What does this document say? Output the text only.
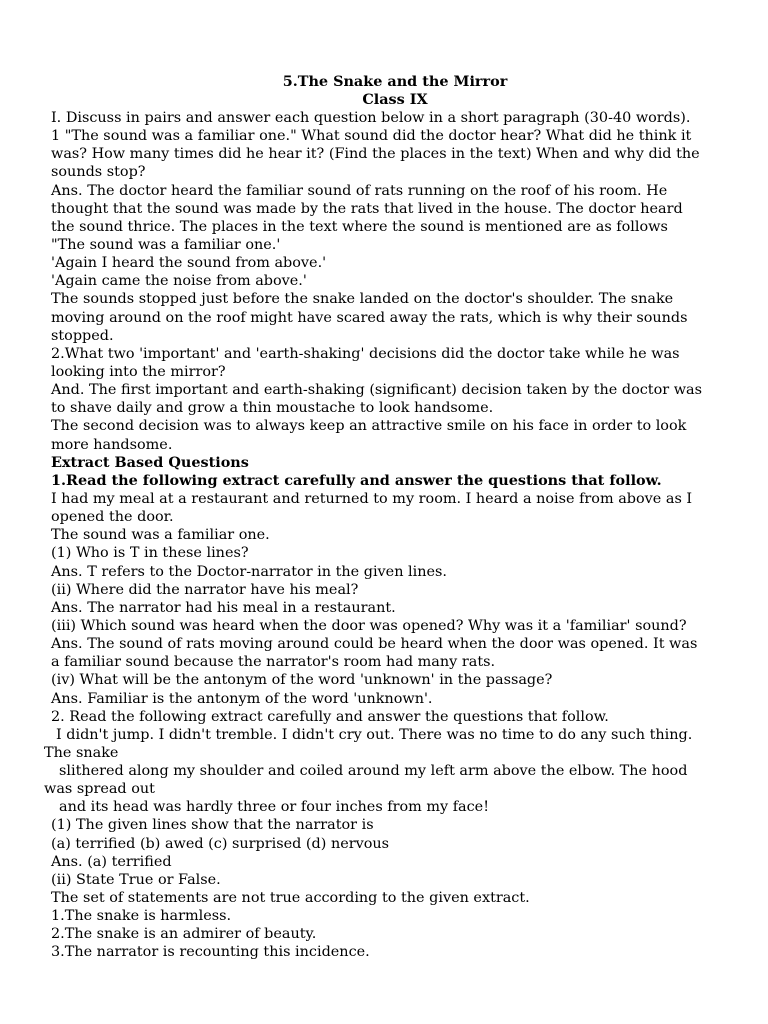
5.The Snake and the Mirror
Class IX
I. Discuss in pairs and answer each question below in a short paragraph (30-40 words).
1 "The sound was a familiar one." What sound did the doctor hear? What did he think it
was? How many times did he hear it? (Find the places in the text) When and why did the
sounds stop?
Ans. The doctor heard the familiar sound of rats running on the roof of his room. He
thought that the sound was made by the rats that lived in the house. The doctor heard
the sound thrice. The places in the text where the sound is mentioned are as follows
"The sound was a familiar one.'
'Again I heard the sound from above.'
'Again came the noise from above.'
The sounds stopped just before the snake landed on the doctor's shoulder. The snake
moving around on the roof might have scared away the rats, which is why their sounds
stopped.
2.What two 'important' and 'earth-shaking' decisions did the doctor take while he was
looking into the mirror?
And. The first important and earth-shaking (significant) decision taken by the doctor was
to shave daily and grow a thin moustache to look handsome.
The second decision was to always keep an attractive smile on his face in order to look
more handsome.
Extract Based Questions
1.Read the following extract carefully and answer the questions that follow.
I had my meal at a restaurant and returned to my room. I heard a noise from above as I
opened the door.
The sound was a familiar one.
(1) Who is T in these lines?
Ans. T refers to the Doctor-narrator in the given lines.
(ii) Where did the narrator have his meal?
Ans. The narrator had his meal in a restaurant.
(iii) Which sound was heard when the door was opened? Why was it a 'familiar' sound?
Ans. The sound of rats moving around could be heard when the door was opened. It was
a familiar sound because the narrator's room had many rats.
(iv) What will be the antonym of the word 'unknown' in the passage?
Ans. Familiar is the antonym of the word 'unknown'.
2. Read the following extract carefully and answer the questions that follow.
I didn't jump. I didn't tremble. I didn't cry out. There was no time to do any such thing.
The snake
slithered along my shoulder and coiled around my left arm above the elbow. The hood
was spread out
and its head was hardly three or four inches from my face!
(1) The given lines show that the narrator is
(a) terrified (b) awed (c) surprised (d) nervous
Ans. (a) terrified
(ii) State True or False.
The set of statements are not true according to the given extract.
1.The snake is harmless.
2.The snake is an admirer of beauty.
3.The narrator is recounting this incidence.
